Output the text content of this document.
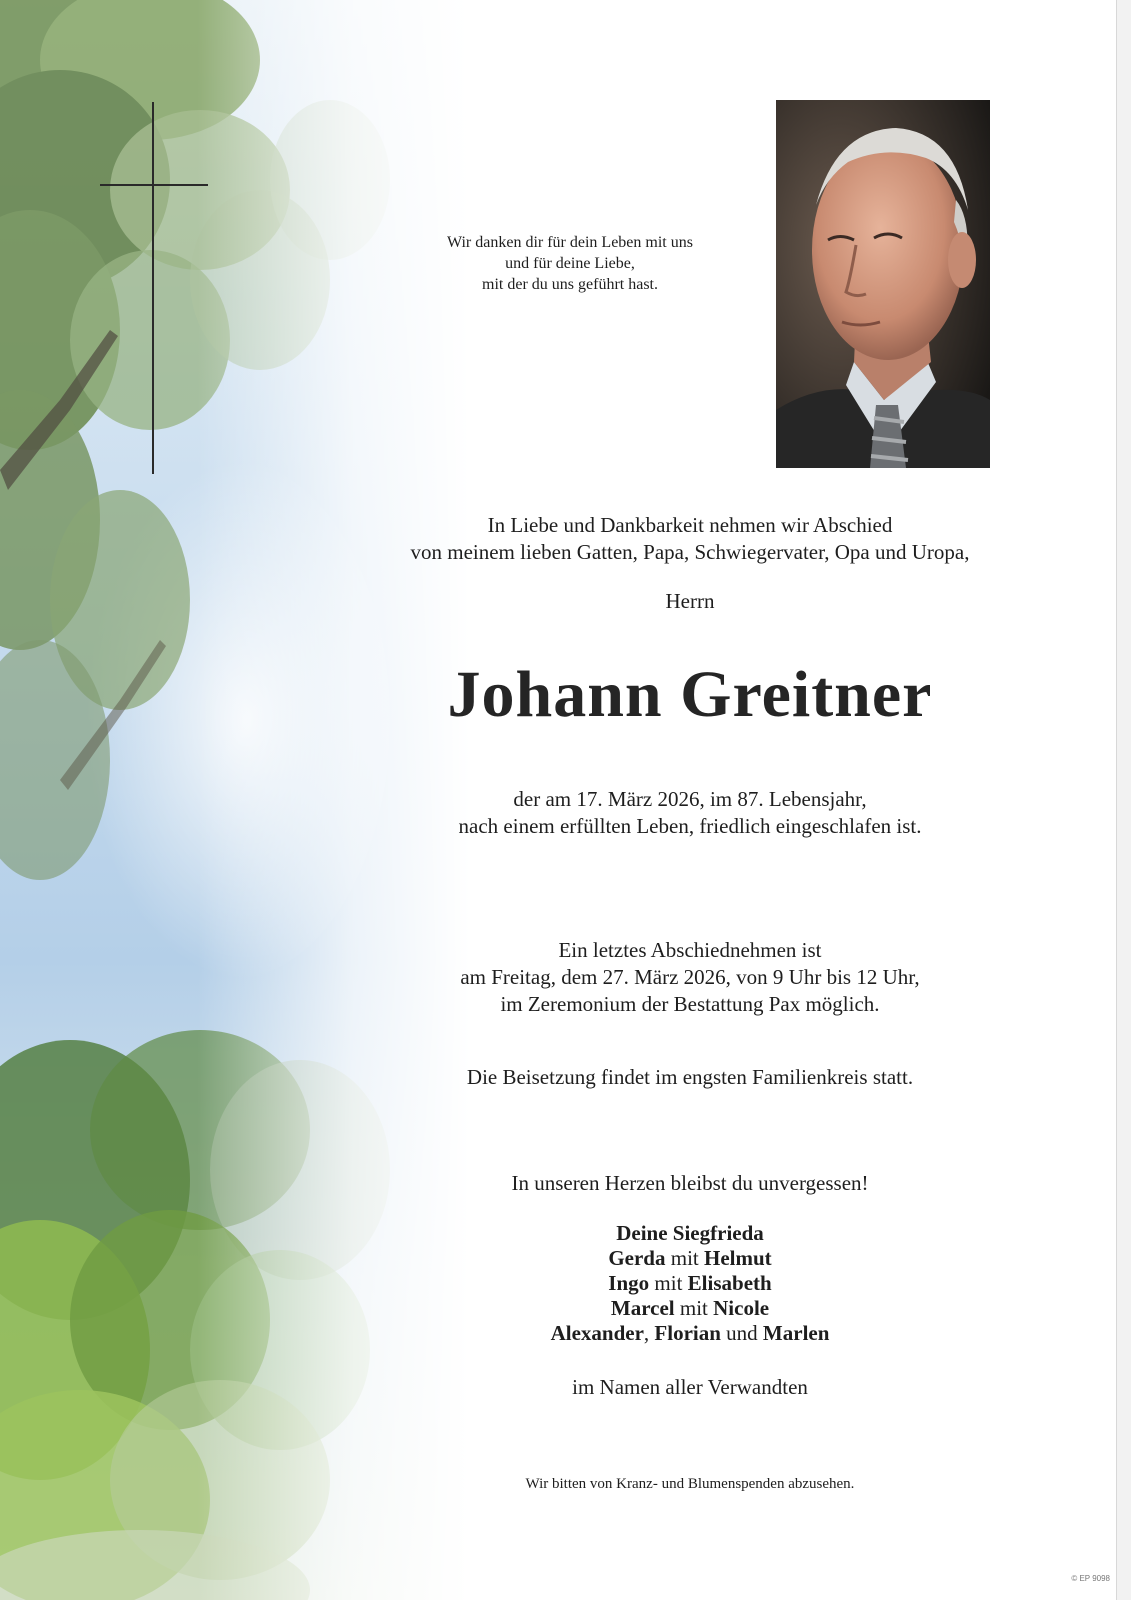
Wir danken dir für dein Leben mit uns
und für deine Liebe,
mit der du uns geführt hast.
In Liebe und Dankbarkeit nehmen wir Abschied
von meinem lieben Gatten, Papa, Schwiegervater, Opa und Uropa,
Herrn
Johann Greitner
der am 17. März 2026, im 87. Lebensjahr,
nach einem erfüllten Leben, friedlich eingeschlafen ist.
Ein letztes Abschiednehmen ist
am Freitag, dem 27. März 2026, von 9 Uhr bis 12 Uhr,
im Zeremonium der Bestattung Pax möglich.
Die Beisetzung findet im engsten Familienkreis statt.
In unseren Herzen bleibst du unvergessen!
Deine Siegfrieda
Gerda mit Helmut
Ingo mit Elisabeth
Marcel mit Nicole
Alexander, Florian und Marlen
im Namen aller Verwandten
Wir bitten von Kranz- und Blumenspenden abzusehen.
© EP 9098
